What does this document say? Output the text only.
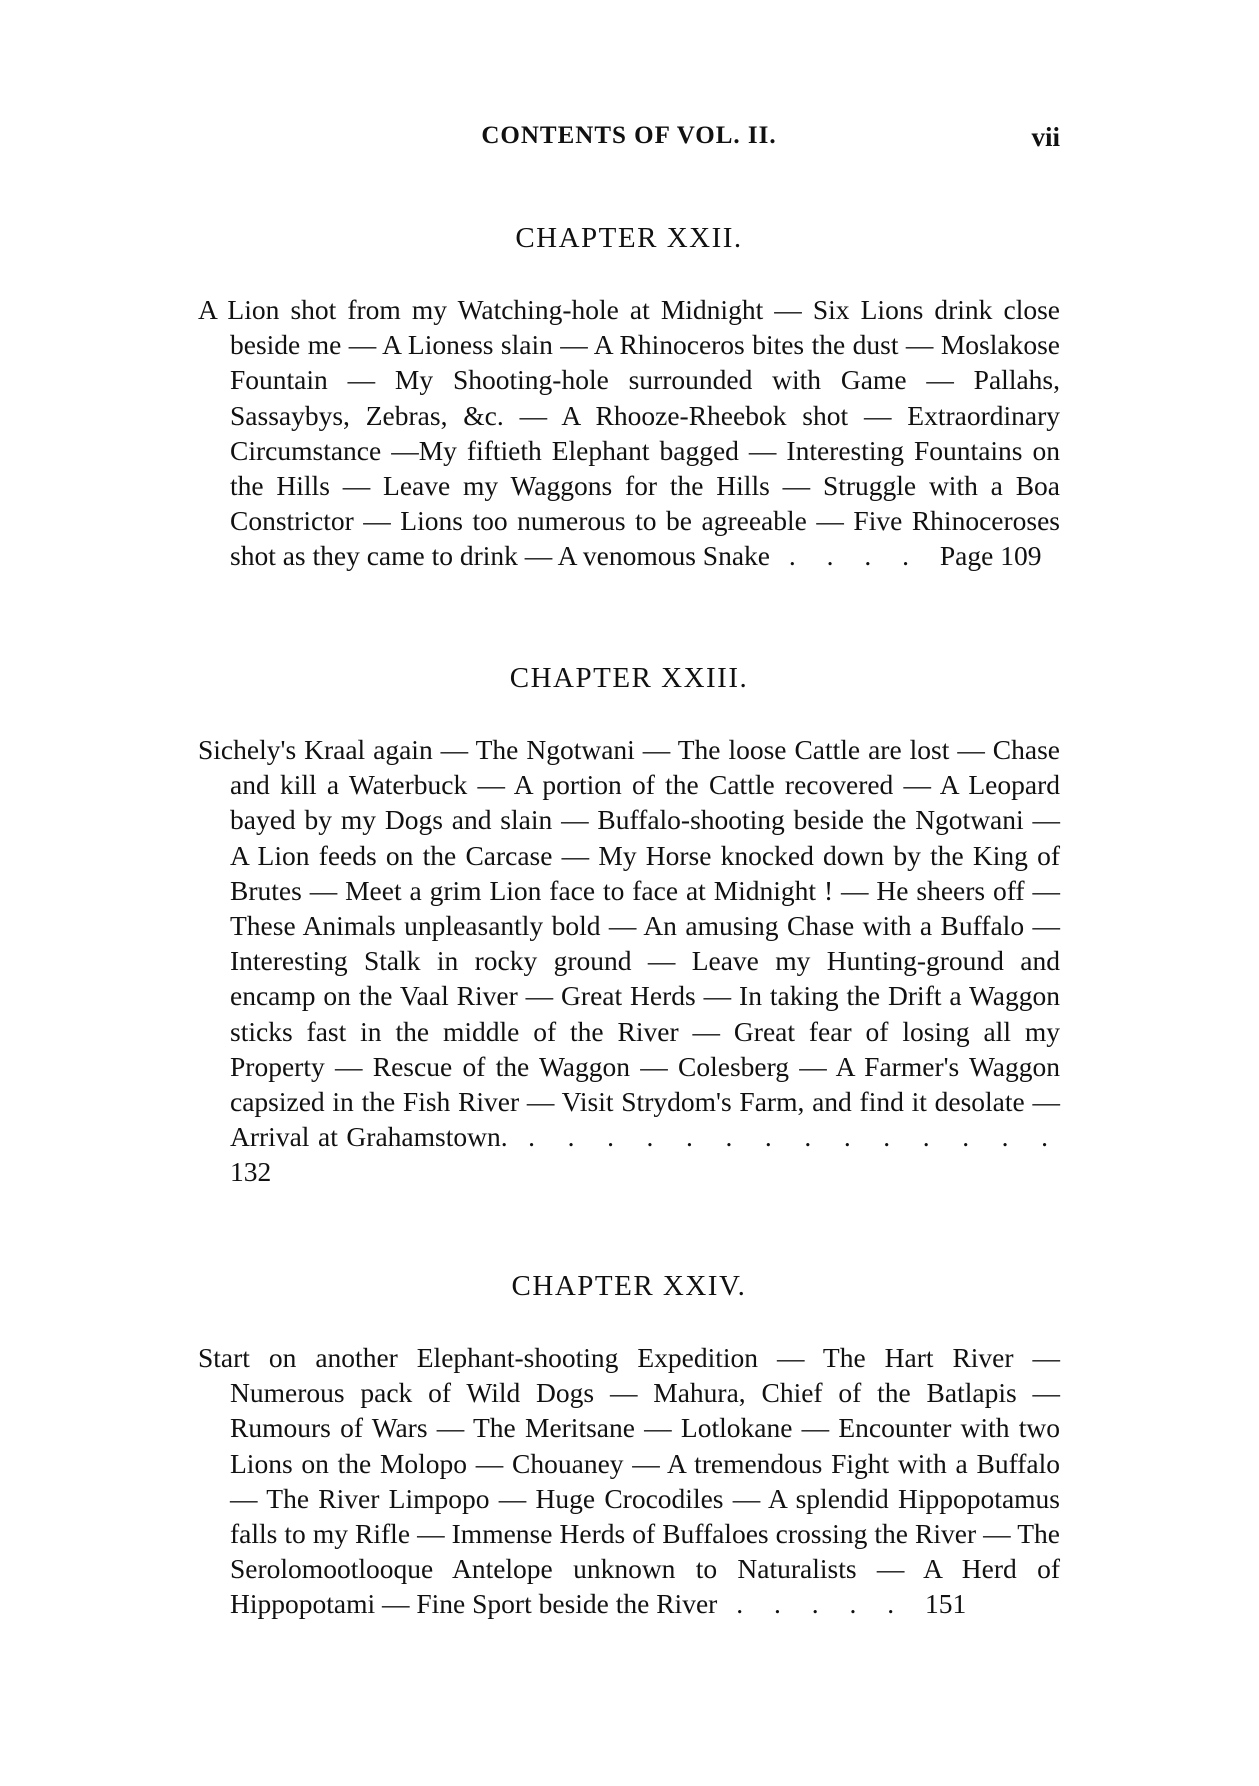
CONTENTS OF VOL. II.	vii
CHAPTER XXII.

A Lion shot from my Watching-hole at Midnight — Six Lions drink close beside me — A Lioness slain — A Rhinoceros bites the dust — Moslakose Fountain — My Shooting-hole surrounded with Game — Pallahs, Sassaybys, Zebras, &c. — A Rhooze-Rheebok shot — Extraordinary Circumstance —My fiftieth Elephant bagged — Interesting Fountains on the Hills — Leave my Waggons for the Hills — Struggle with a Boa Constrictor — Lions too numerous to be agreeable — Five Rhinoceroses shot as they came to drink — A venomous Snake . . . . Page 109

CHAPTER XXIII.

Sichely's Kraal again — The Ngotwani — The loose Cattle are lost — Chase and kill a Waterbuck — A portion of the Cattle recovered — A Leopard bayed by my Dogs and slain — Buffalo-shooting beside the Ngotwani — A Lion feeds on the Carcase — My Horse knocked down by the King of Brutes — Meet a grim Lion face to face at Midnight ! — He sheers off — These Animals unpleasantly bold — An amusing Chase with a Buffalo — Interesting Stalk in rocky ground — Leave my Hunting-ground and encamp on the Vaal River — Great Herds — In taking the Drift a Waggon sticks fast in the middle of the River — Great fear of losing all my Property — Rescue of the Waggon — Colesberg — A Farmer's Waggon capsized in the Fish River — Visit Strydom's Farm, and find it desolate — Arrival at Grahamstown. . . . . . . . . . . . . . . 132

CHAPTER XXIV.

Start on another Elephant-shooting Expedition — The Hart River — Numerous pack of Wild Dogs — Mahura, Chief of the Batlapis — Rumours of Wars — The Meritsane — Lotlokane — Encounter with two Lions on the Molopo — Chouaney — A tremendous Fight with a Buffalo — The River Limpopo — Huge Crocodiles — A splendid Hippopotamus falls to my Rifle — Immense Herds of Buffaloes crossing the River — The Serolomootlooque Antelope unknown to Naturalists — A Herd of Hippopotami — Fine Sport beside the River . . . . . 151
